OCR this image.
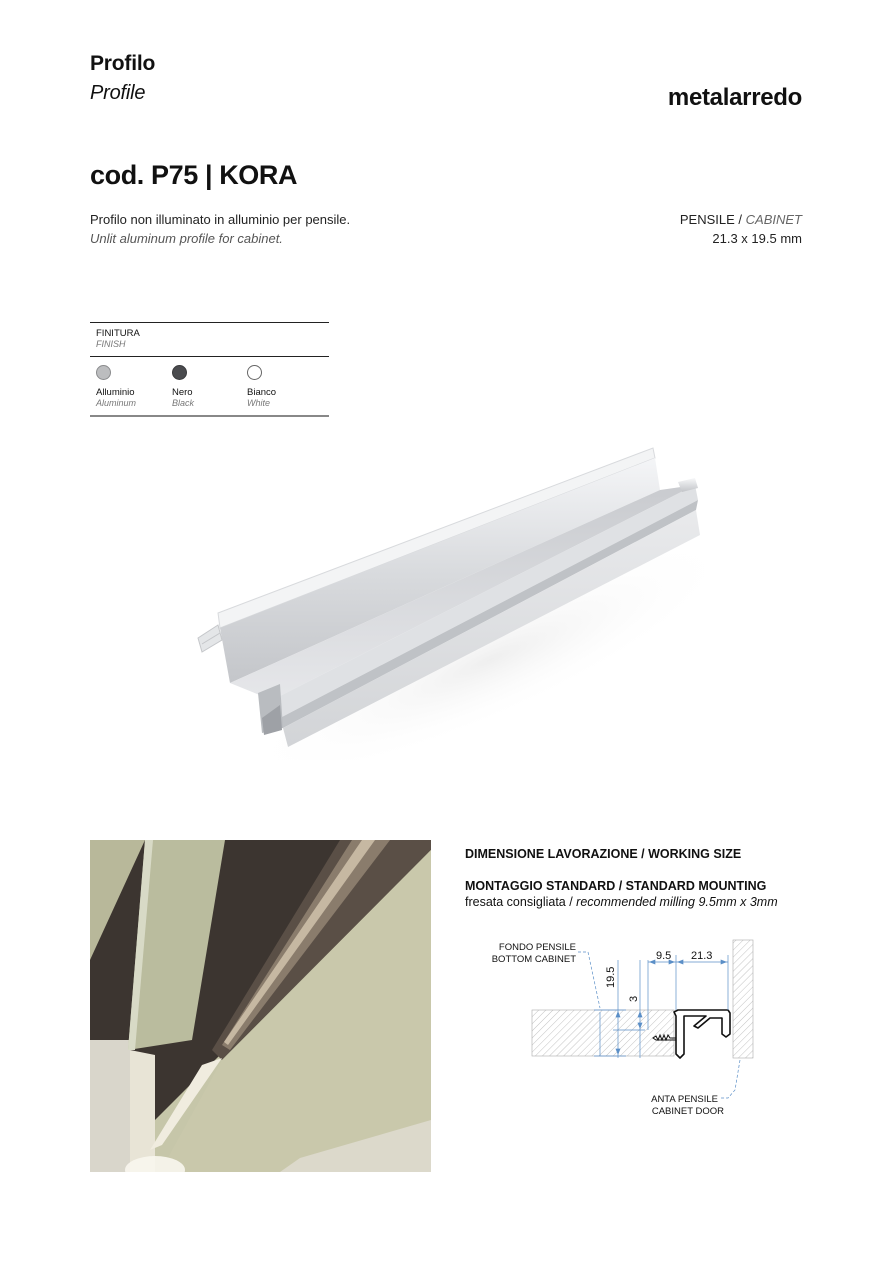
Profilo
Profile	metalarredo
cod. P75 | KORA
Profilo non illuminato in alluminio per pensile.
Unlit aluminum profile for cabinet.
PENSILE / CABINET
21.3 x 19.5 mm
FINITURA
FINISH
Alluminio
Aluminum
Nero
Black
Bianco
White
DIMENSIONE LAVORAZIONE / WORKING SIZE
MONTAGGIO STANDARD / STANDARD MOUNTING
fresata consigliata / recommended milling 9.5mm x 3mm
FONDO PENSILE
BOTTOM CABINET
ANTA PENSILE
CABINET DOOR
19.5
3
9.5 21.3
